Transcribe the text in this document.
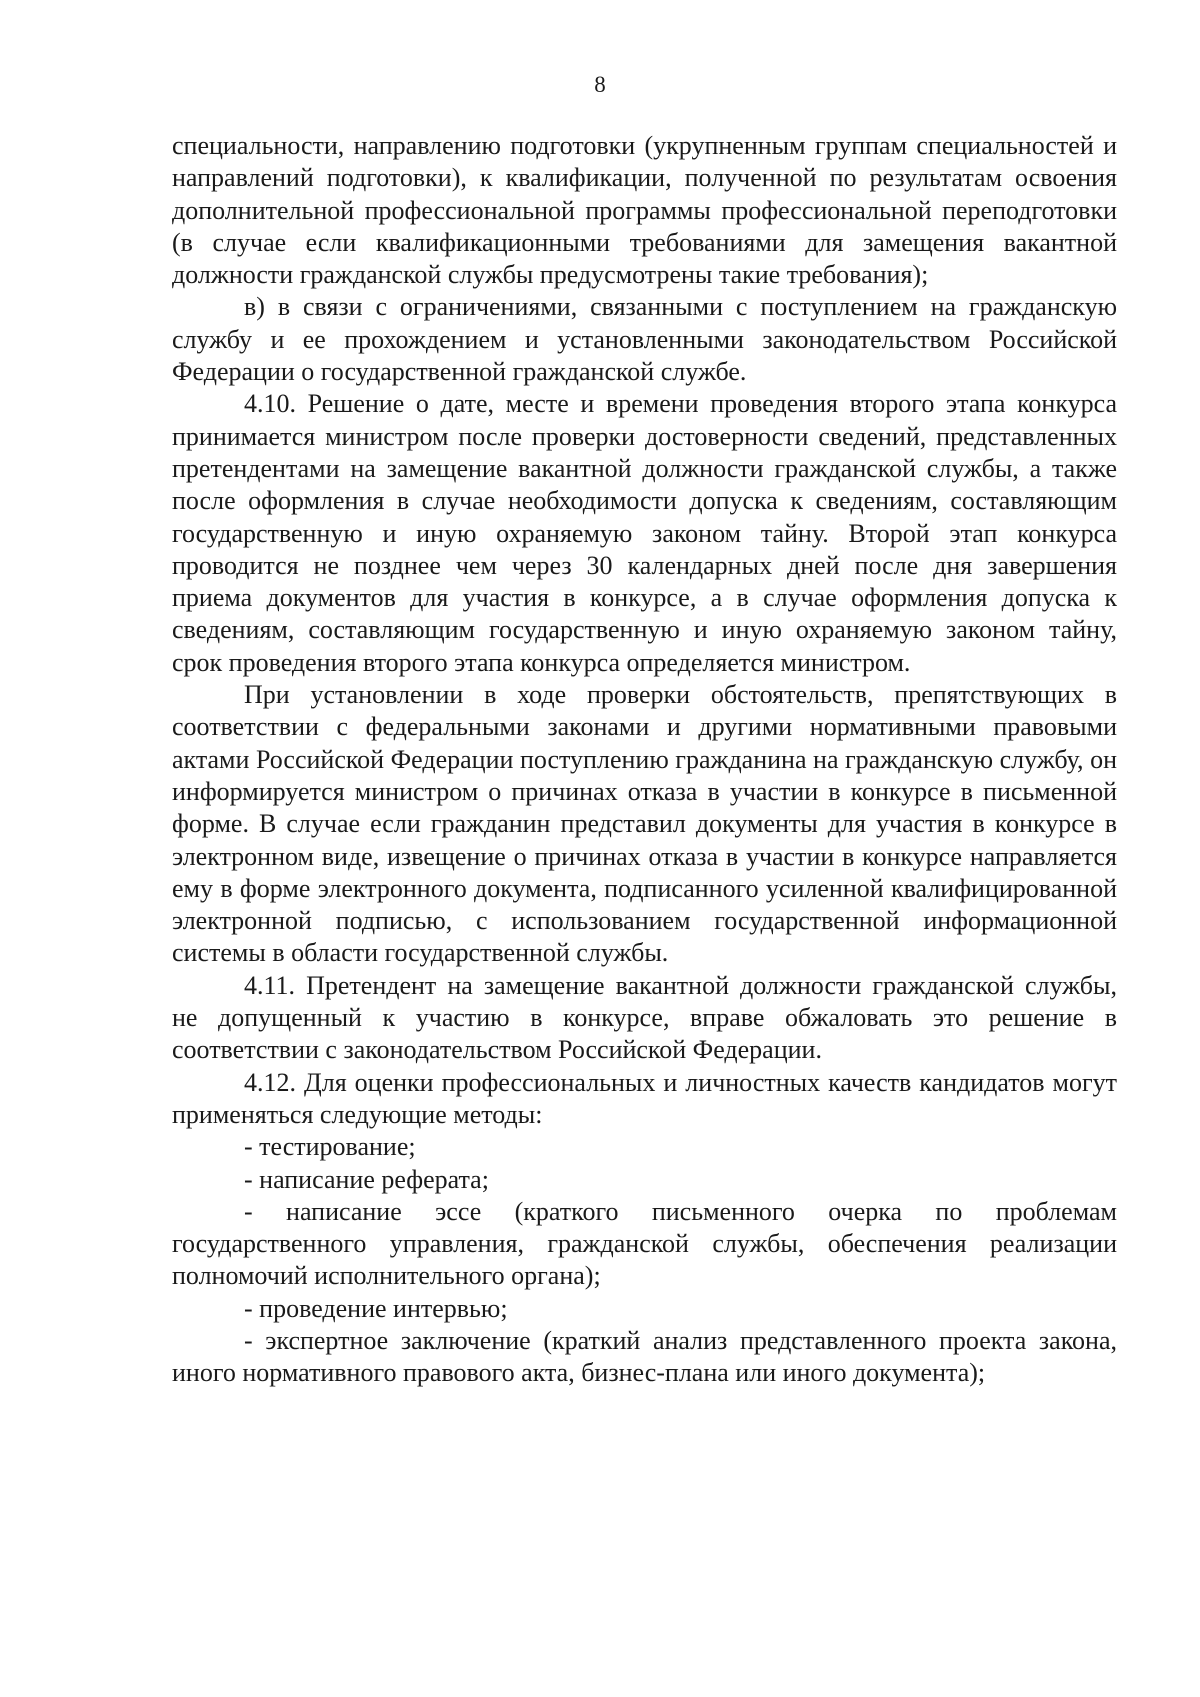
8

специальности, направлению подготовки (укрупненным группам специальностей и направлений подготовки), к квалификации, полученной по результатам освоения дополнительной профессиональной программы профессиональной переподготовки (в случае если квалификационными требованиями для замещения вакантной должности гражданской службы предусмотрены такие требования);

в) в связи с ограничениями, связанными с поступлением на гражданскую службу и ее прохождением и установленными законодательством Российской Федерации о государственной гражданской службе.

4.10. Решение о дате, месте и времени проведения второго этапа конкурса принимается министром после проверки достоверности сведений, представленных претендентами на замещение вакантной должности гражданской службы, а также после оформления в случае необходимости допуска к сведениям, составляющим государственную и иную охраняемую законом тайну. Второй этап конкурса проводится не позднее чем через 30 календарных дней после дня завершения приема документов для участия в конкурсе, а в случае оформления допуска к сведениям, составляющим государственную и иную охраняемую законом тайну, срок проведения второго этапа конкурса определяется министром.

При установлении в ходе проверки обстоятельств, препятствующих в соответствии с федеральными законами и другими нормативными правовыми актами Российской Федерации поступлению гражданина на гражданскую службу, он информируется министром о причинах отказа в участии в конкурсе в письменной форме. В случае если гражданин представил документы для участия в конкурсе в электронном виде, извещение о причинах отказа в участии в конкурсе направляется ему в форме электронного документа, подписанного усиленной квалифицированной электронной подписью, с использованием государственной информационной системы в области государственной службы.

4.11. Претендент на замещение вакантной должности гражданской службы, не допущенный к участию в конкурсе, вправе обжаловать это решение в соответствии с законодательством Российской Федерации.

4.12. Для оценки профессиональных и личностных качеств кандидатов могут применяться следующие методы:

- тестирование;

- написание реферата;

- написание эссе (краткого письменного очерка по проблемам государственного управления, гражданской службы, обеспечения реализации полномочий исполнительного органа);

- проведение интервью;

- экспертное заключение (краткий анализ представленного проекта закона, иного нормативного правового акта, бизнес-плана или иного документа);
